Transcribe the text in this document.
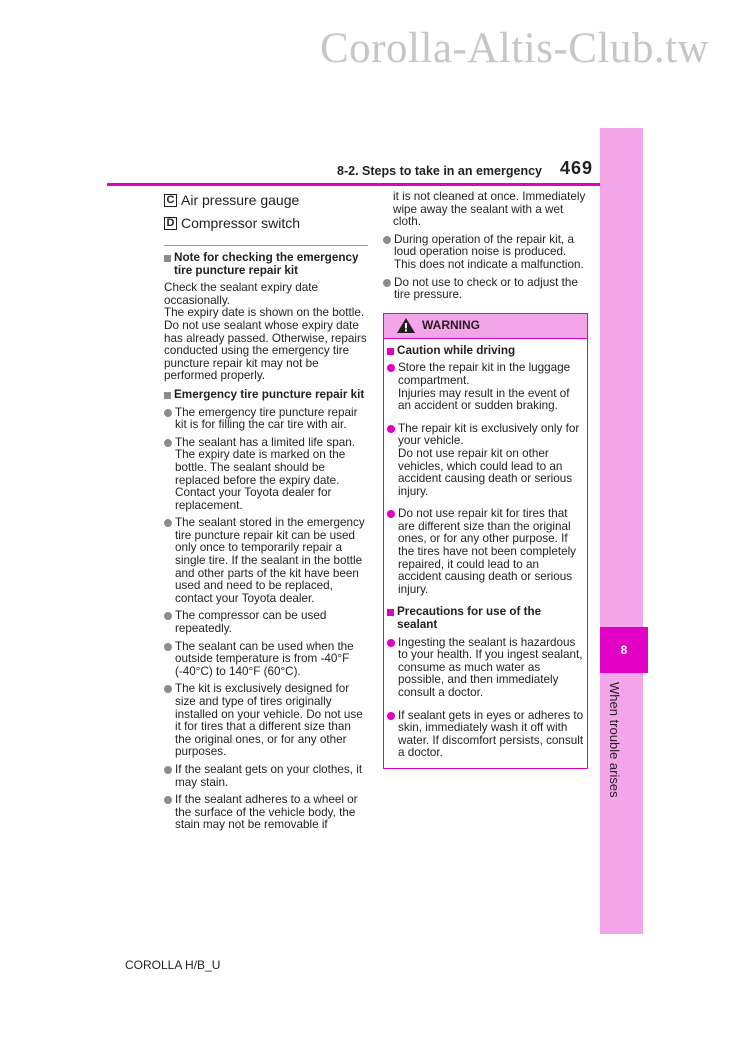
Corolla-Altis-Club.tw
8
When trouble arises
8-2. Steps to take in an emergency 469
C Air pressure gauge
D Compressor switch
Note for checking the emergency tire puncture repair kit
Check the sealant expiry date occasionally.
The expiry date is shown on the bottle. Do not use sealant whose expiry date has already passed. Otherwise, repairs conducted using the emergency tire puncture repair kit may not be performed properly.
Emergency tire puncture repair kit
The emergency tire puncture repair kit is for filling the car tire with air.
The sealant has a limited life span. The expiry date is marked on the bottle. The sealant should be replaced before the expiry date. Contact your Toyota dealer for replacement.
The sealant stored in the emergency tire puncture repair kit can be used only once to temporarily repair a single tire. If the sealant in the bottle and other parts of the kit have been used and need to be replaced, contact your Toyota dealer.
The compressor can be used repeatedly.
The sealant can be used when the outside temperature is from -40°F (-40°C) to 140°F (60°C).
The kit is exclusively designed for size and type of tires originally installed on your vehicle. Do not use it for tires that a different size than the original ones, or for any other purposes.
If the sealant gets on your clothes, it may stain.
If the sealant adheres to a wheel or the surface of the vehicle body, the stain may not be removable if
it is not cleaned at once. Immediately wipe away the sealant with a wet cloth.
During operation of the repair kit, a loud operation noise is produced. This does not indicate a malfunction.
Do not use to check or to adjust the tire pressure.
WARNING
Caution while driving
Store the repair kit in the luggage compartment.
Injuries may result in the event of an accident or sudden braking.
The repair kit is exclusively only for your vehicle.
Do not use repair kit on other vehicles, which could lead to an accident causing death or serious injury.
Do not use repair kit for tires that are different size than the original ones, or for any other purpose. If the tires have not been completely repaired, it could lead to an accident causing death or serious injury.
Precautions for use of the sealant
Ingesting the sealant is hazardous to your health. If you ingest sealant, consume as much water as possible, and then immediately consult a doctor.
If sealant gets in eyes or adheres to skin, immediately wash it off with water. If discomfort persists, consult a doctor.
COROLLA H/B_U
